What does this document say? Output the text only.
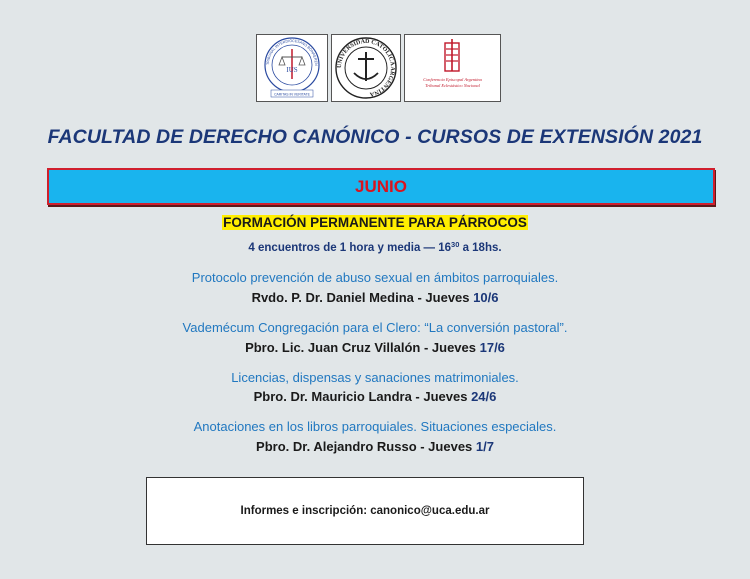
IUS
TRIBUNAL INTERDIOCESANO BONAEREN
CARITAS IN VERITATE
UNIVERSIDAD CATOLICA ARGENTINA
Conferencia Episcopal Argentina
Tribunal Eclesiástico Nacional
FACULTAD DE DERECHO CANÓNICO - CURSOS DE EXTENSIÓN 2021
JUNIO
FORMACIÓN PERMANENTE PARA PÁRROCOS
4 encuentros de 1 hora y media — $16^{30}$ a 18hs.
Protocolo prevención de abuso sexual en ámbitos parroquiales.
Rvdo. P. Dr. Daniel Medina - Jueves 10/6
Vademécum Congregación para el Clero: “La conversión pastoral”.
Pbro. Lic. Juan Cruz Villalón - Jueves 17/6
Licencias, dispensas y sanaciones matrimoniales.
Pbro. Dr. Mauricio Landra - Jueves 24/6
Anotaciones en los libros parroquiales. Situaciones especiales.
Pbro. Dr. Alejandro Russo - Jueves 1/7
Informes e inscripción: canonico@uca.edu.ar
